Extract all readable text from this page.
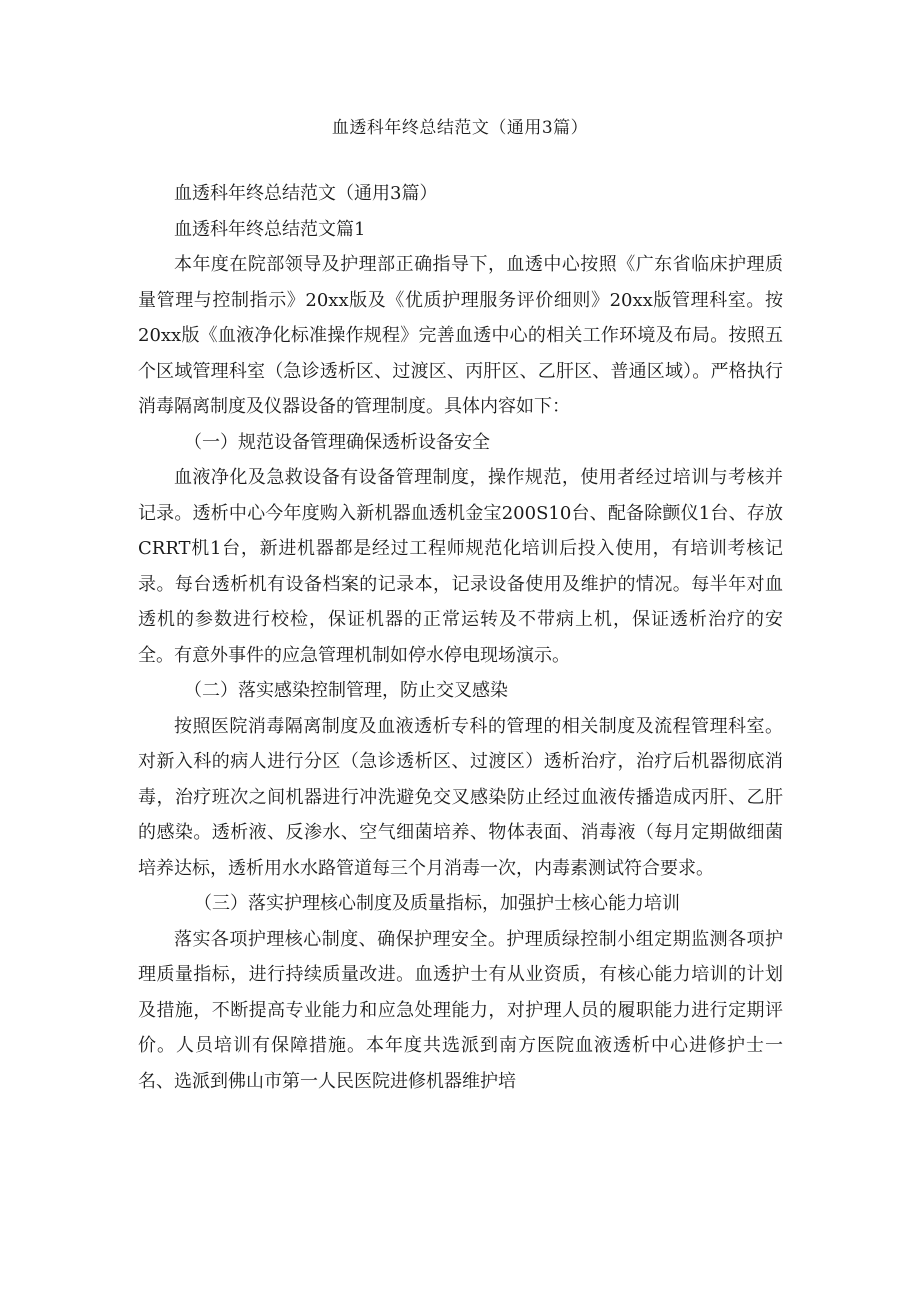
血透科年终总结范文（通用3篇）

血透科年终总结范文（通用3篇）

血透科年终总结范文篇1

本年度在院部领导及护理部正确指导下，血透中心按照《广东省临床护理质量管理与控制指示》20xx版及《优质护理服务评价细则》20xx版管理科室。按20xx版《血液净化标准操作规程》完善血透中心的相关工作环境及布局。按照五个区域管理科室（急诊透析区、过渡区、丙肝区、乙肝区、普通区域）。严格执行消毒隔离制度及仪器设备的管理制度。具体内容如下：

（一）规范设备管理确保透析设备安全

血液净化及急救设备有设备管理制度，操作规范，使用者经过培训与考核并记录。透析中心今年度购入新机器血透机金宝200S10台、配备除颤仪1台、存放CRRT机1台，新进机器都是经过工程师规范化培训后投入使用，有培训考核记录。每台透析机有设备档案的记录本，记录设备使用及维护的情况。每半年对血透机的参数进行校检，保证机器的正常运转及不带病上机，保证透析治疗的安全。有意外事件的应急管理机制如停水停电现场演示。

（二）落实感染控制管理，防止交叉感染

按照医院消毒隔离制度及血液透析专科的管理的相关制度及流程管理科室。对新入科的病人进行分区（急诊透析区、过渡区）透析治疗，治疗后机器彻底消毒，治疗班次之间机器进行冲洗避免交叉感染防止经过血液传播造成丙肝、乙肝的感染。透析液、反渗水、空气细菌培养、物体表面、消毒液（每月定期做细菌培养达标，透析用水水路管道每三个月消毒一次，内毒素测试符合要求。

（三）落实护理核心制度及质量指标，加强护士核心能力培训

落实各项护理核心制度、确保护理安全。护理质绿控制小组定期监测各项护理质量指标，进行持续质量改进。血透护士有从业资质，有核心能力培训的计划及措施，不断提高专业能力和应急处理能力，对护理人员的履职能力进行定期评价。人员培训有保障措施。本年度共选派到南方医院血液透析中心进修护士一名、选派到佛山市第一人民医院进修机器维护培
